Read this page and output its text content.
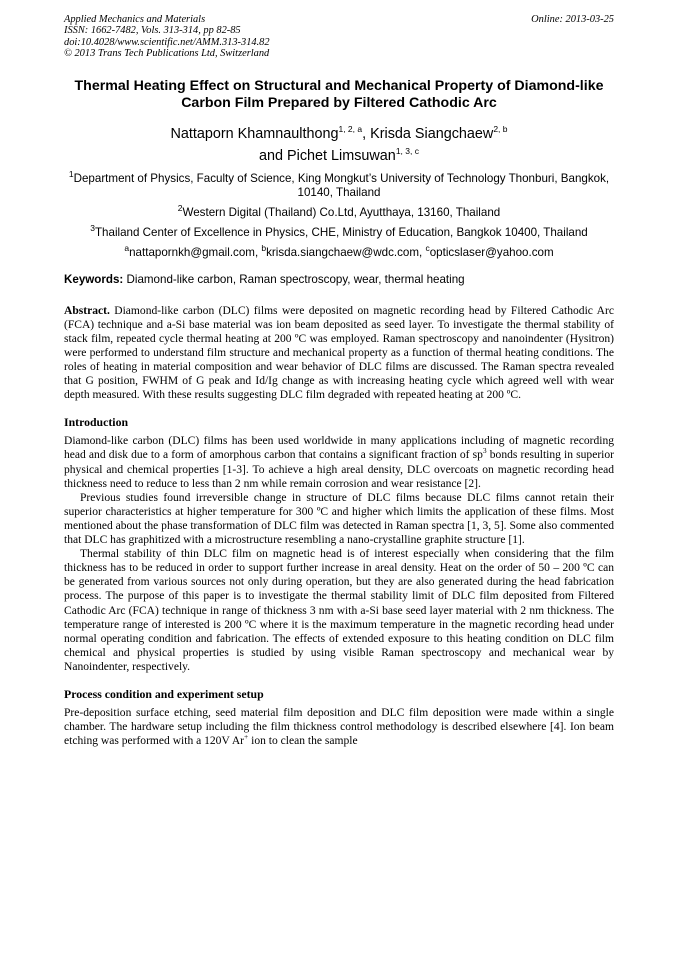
Applied Mechanics and Materials
ISSN: 1662-7482, Vols. 313-314, pp 82-85
doi:10.4028/www.scientific.net/AMM.313-314.82
© 2013 Trans Tech Publications Ltd, Switzerland
Online: 2013-03-25
Thermal Heating Effect on Structural and Mechanical Property of Diamond-like Carbon Film Prepared by Filtered Cathodic Arc
Nattaporn Khamnaulthong$^{1, 2, a}$, Krisda Siangchaew$^{2, b}$
and Pichet Limsuwan$^{1, 3, c}$

$^1$Department of Physics, Faculty of Science, King Mongkut’s University of Technology Thonburi, Bangkok, 10140, Thailand

$^2$Western Digital (Thailand) Co.Ltd, Ayutthaya, 13160, Thailand

$^3$Thailand Center of Excellence in Physics, CHE, Ministry of Education, Bangkok 10400, Thailand

$^a$nattapornkh@gmail.com, $^b$krisda.siangchaew@wdc.com, $^c$opticslaser@yahoo.com

Keywords: Diamond-like carbon, Raman spectroscopy, wear, thermal heating

Abstract. Diamond-like carbon (DLC) films were deposited on magnetic recording head by Filtered Cathodic Arc (FCA) technique and a-Si base material was ion beam deposited as seed layer. To investigate the thermal stability of stack film, repeated cycle thermal heating at 200 ºC was employed. Raman spectroscopy and nanoindenter (Hysitron) were performed to understand film structure and mechanical property as a function of thermal heating conditions. The roles of heating in material composition and wear behavior of DLC films are discussed. The Raman spectra revealed that G position, FWHM of G peak and Id/Ig change as with increasing heating cycle which agreed well with wear depth measured. With these results suggesting DLC film degraded with repeated heating at 200 ºC.

Introduction

Diamond-like carbon (DLC) films has been used worldwide in many applications including of magnetic recording head and disk due to a form of amorphous carbon that contains a significant fraction of $sp^3$ bonds resulting in superior physical and chemical properties [1-3]. To achieve a high areal density, DLC overcoats on magnetic recording head thickness need to reduce to less than 2 nm while remain corrosion and wear resistance [2].

Previous studies found irreversible change in structure of DLC films because DLC films cannot retain their superior characteristics at higher temperature for 300 ºC and higher which limits the application of these films. Most mentioned about the phase transformation of DLC film was detected in Raman spectra [1, 3, 5]. Some also commented that DLC has graphitized with a microstructure resembling a nano-crystalline graphite structure [1].

Thermal stability of thin DLC film on magnetic head is of interest especially when considering that the film thickness has to be reduced in order to support further increase in areal density. Heat on the order of 50 – 200 ºC can be generated from various sources not only during operation, but they are also generated during the head fabrication process. The purpose of this paper is to investigate the thermal stability limit of DLC film deposited from Filtered Cathodic Arc (FCA) technique in range of thickness 3 nm with a-Si base seed layer material with 2 nm thickness. The temperature range of interested is 200 ºC where it is the maximum temperature in the magnetic recording head under normal operating condition and fabrication. The effects of extended exposure to this heating condition on DLC film chemical and physical properties is studied by using visible Raman spectroscopy and mechanical wear by Nanoindenter, respectively.

Process condition and experiment setup

Pre-deposition surface etching, seed material film deposition and DLC film deposition were made within a single chamber. The hardware setup including the film thickness control methodology is described elsewhere [4]. Ion beam etching was performed with a 120V Ar+ ion to clean the sample
